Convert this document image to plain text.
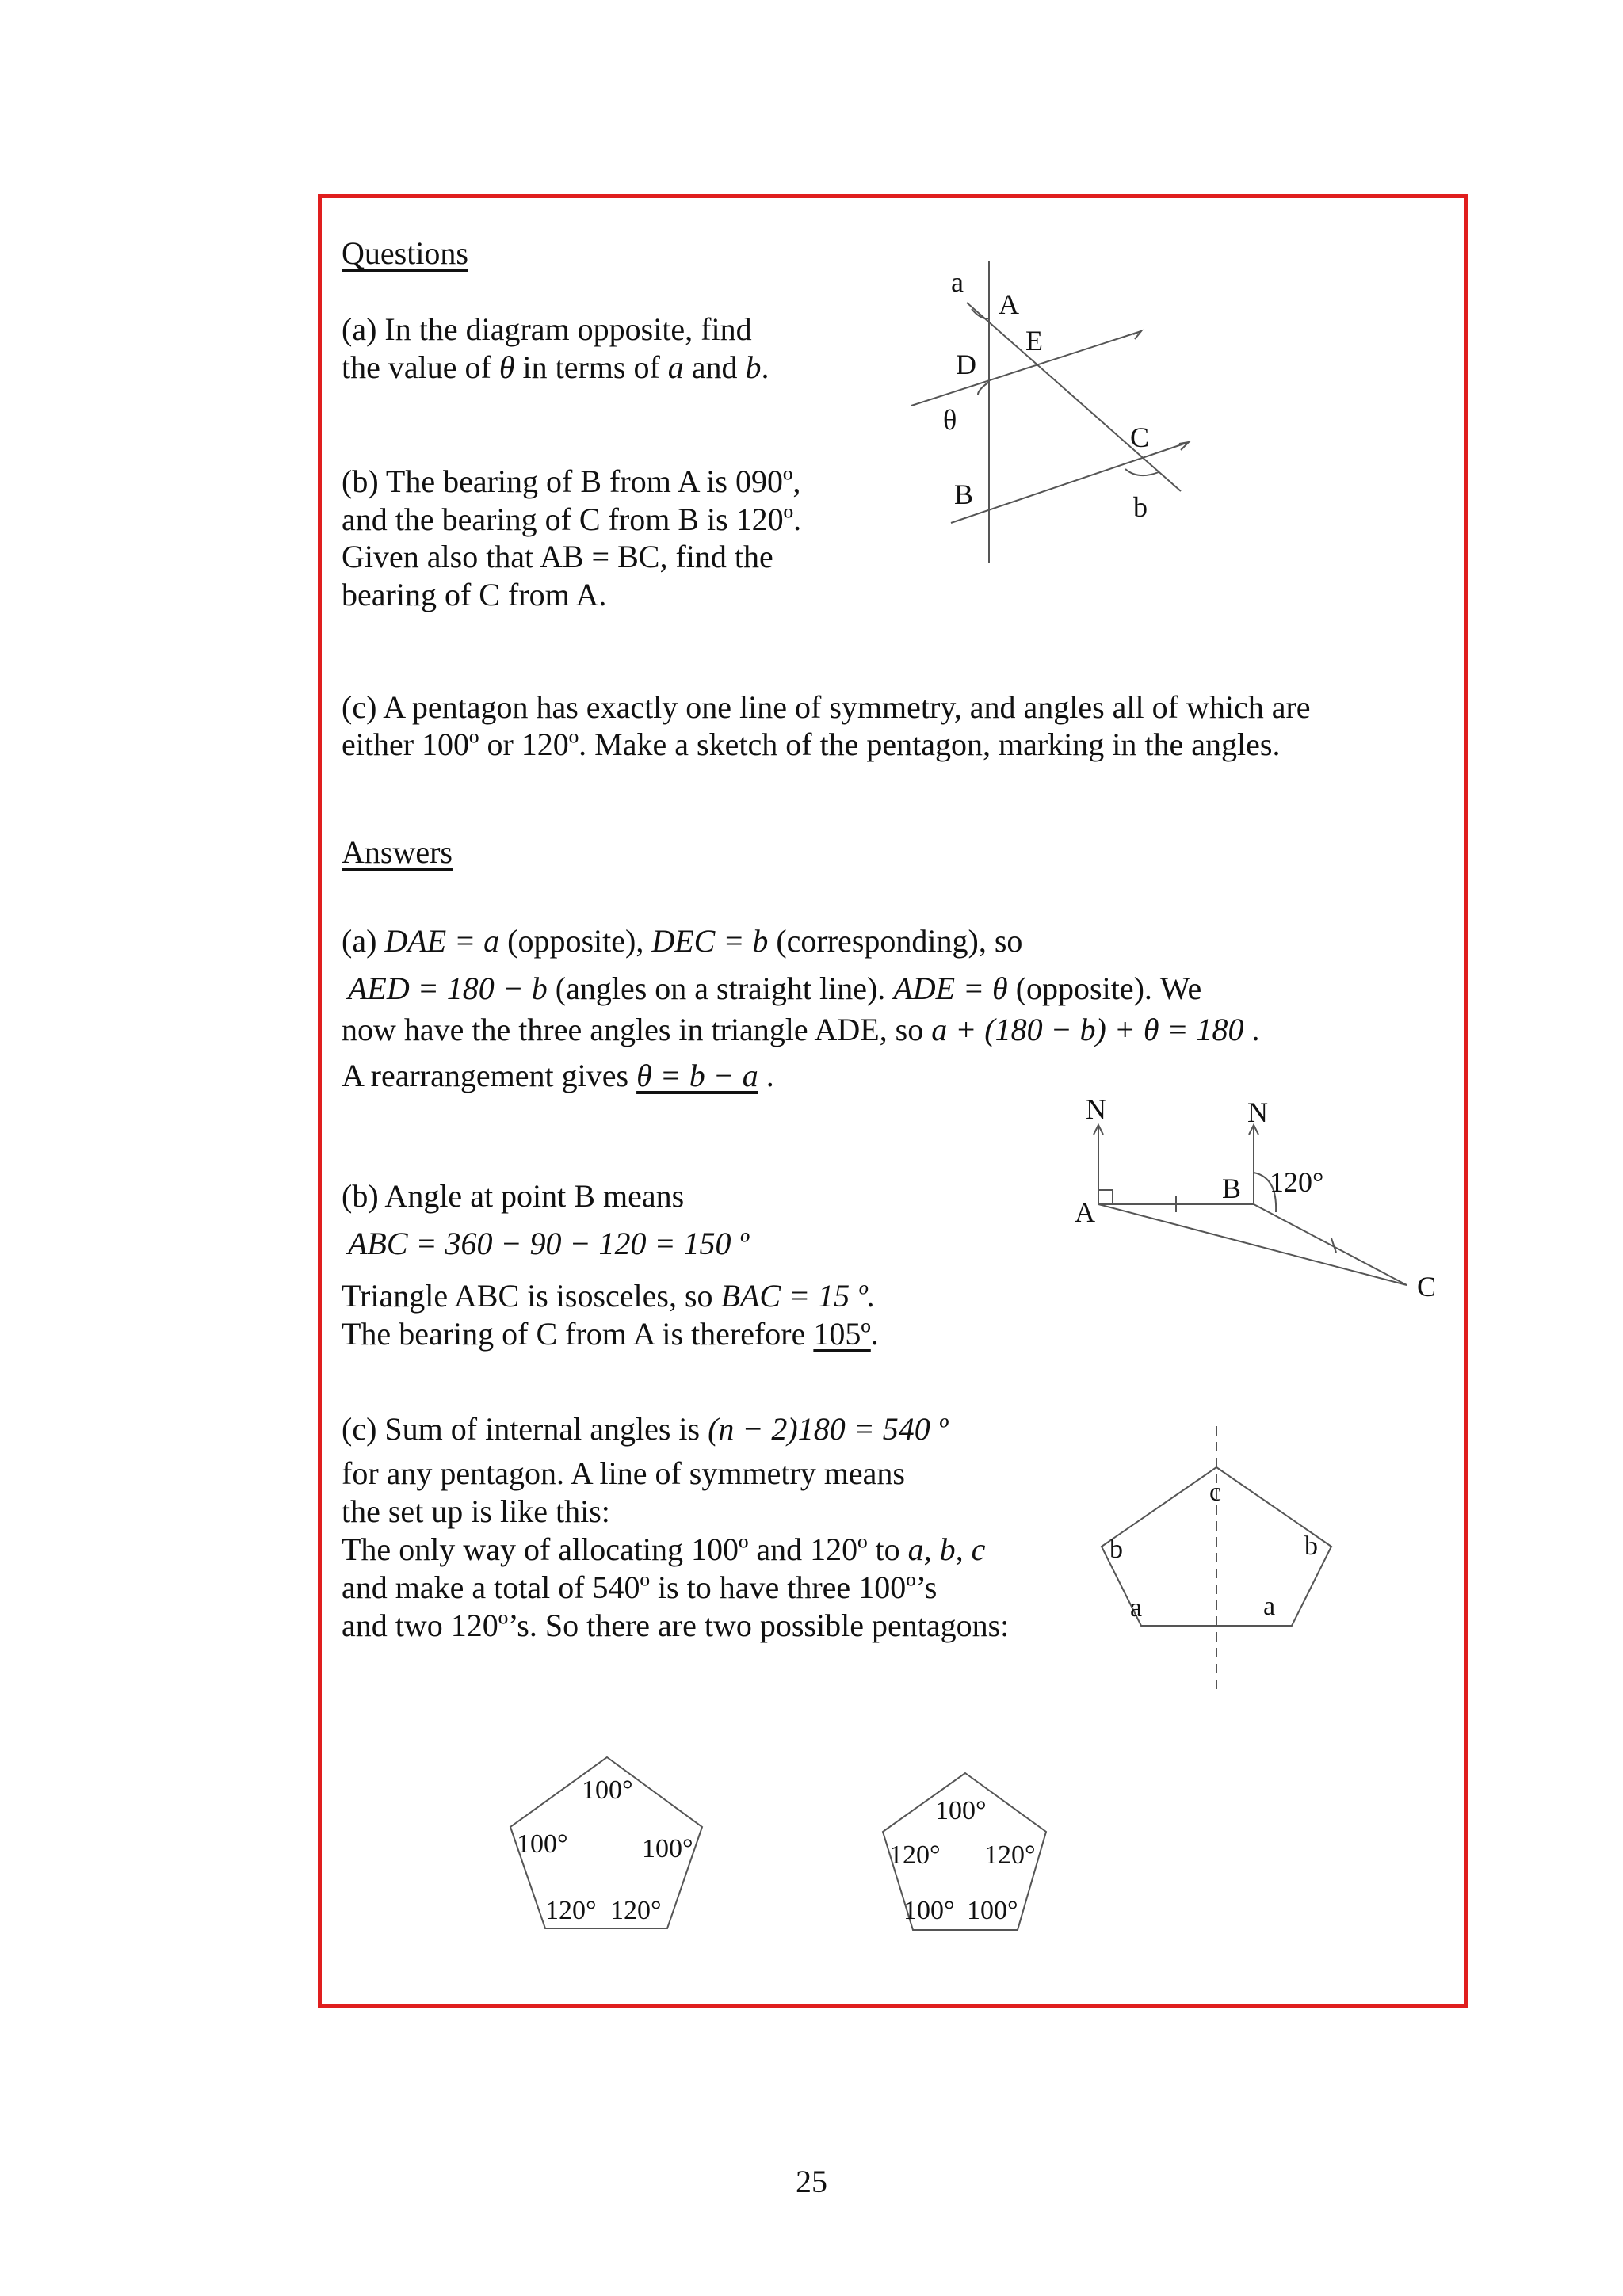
Questions
(a) In the diagram opposite, find
the value of θ in terms of a and b.
(b) The bearing of B from A is 090º,
and the bearing of C from B is 120º.
Given also that AB = BC, find the
bearing of C from A.
(c) A pentagon has exactly one line of symmetry, and angles all of which are
either 100º or 120º. Make a sketch of the pentagon, marking in the angles.
a
A
E
D
θ
C
B	b
Answers
(a) DAE = a (opposite), DEC = b (corresponding), so
AED = 180 − b (angles on a straight line). ADE = θ (opposite). We
now have the three angles in triangle ADE, so a + (180 − b) + θ = 180 .
A rearrangement gives θ = b − a .
(b) Angle at point B means
ABC = 360 − 90 − 120 = 150 º
Triangle ABC is isosceles, so BAC = 15 º.
The bearing of C from A is therefore 105º.
N	N
A
B 120°
C
(c) Sum of internal angles is (n − 2)180 = 540 º
for any pentagon. A line of symmetry means
the set up is like this:
The only way of allocating 100º and 120º to a, b, c
and make a total of 540º is to have three 100º’s
and two 120º’s. So there are two possible pentagons:
c
b	b
a	a
100°
100°	100°
120° 120°
100°
120° 120°
100° 100°
25
